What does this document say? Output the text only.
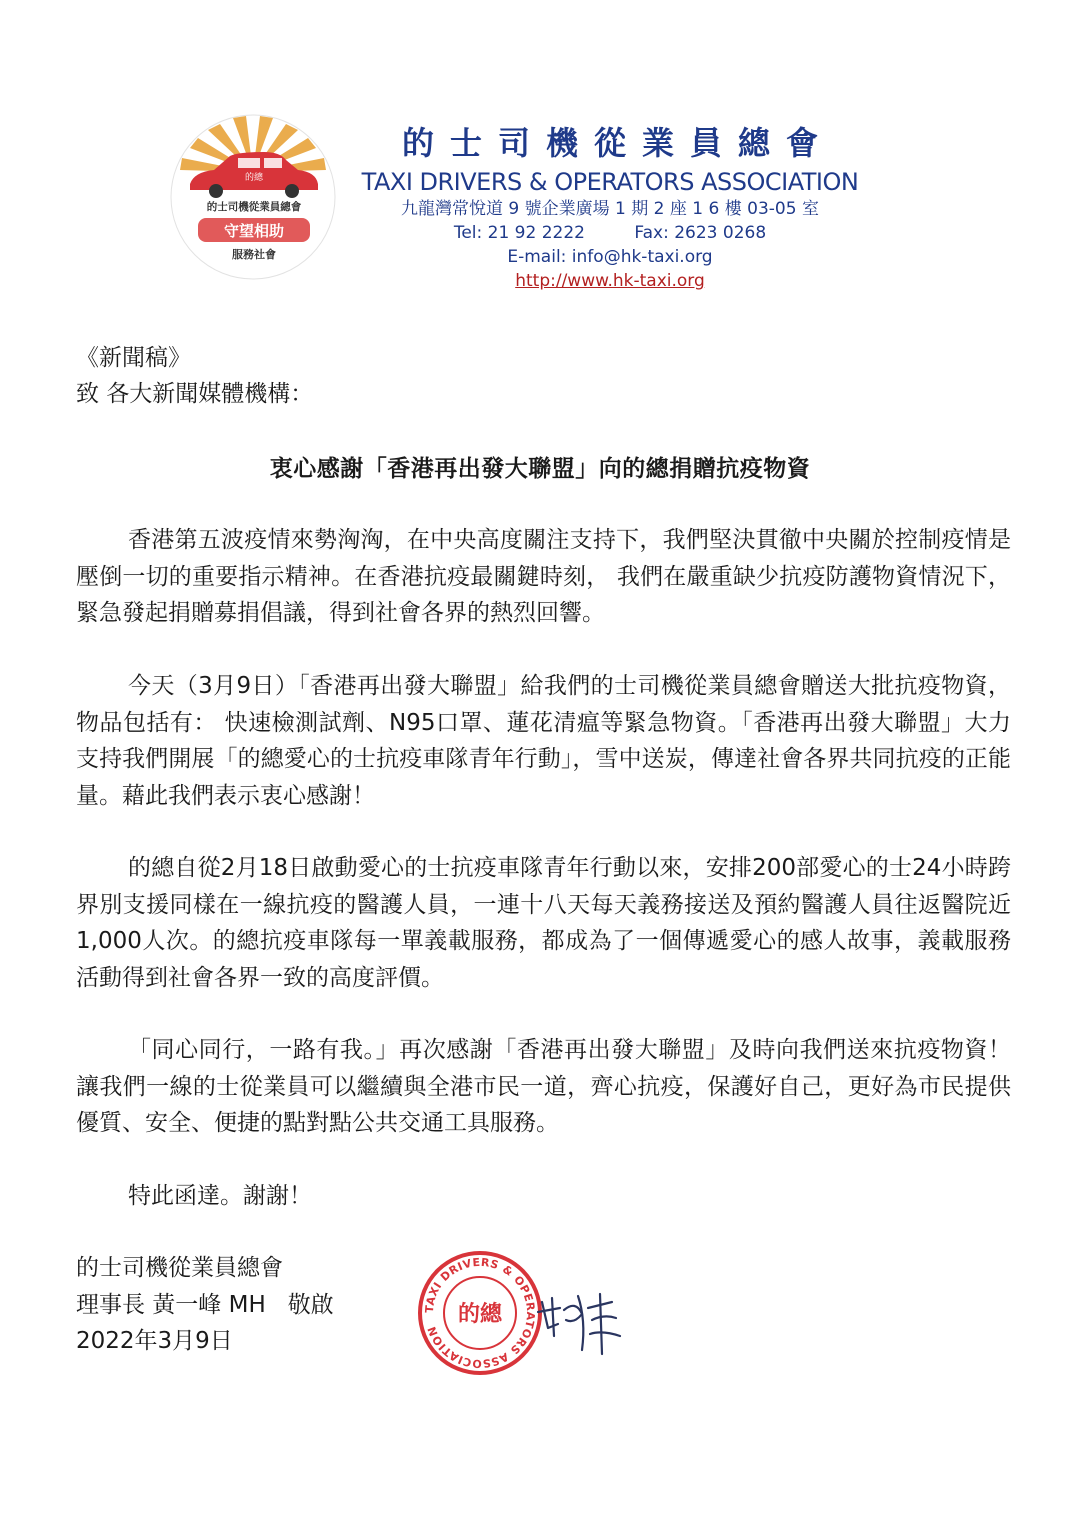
的總
的士司機從業員總會
守望相助
服務社會
的士司機從業員總會
TAXI DRIVERS & OPERATORS ASSOCIATION
九龍灣常悅道 9 號企業廣場 1 期 2 座 1 6 樓 03-05 室
Tel: 21 92 2222	Fax: 2623 0268
E-mail: info@hk-taxi.org
http://www.hk-taxi.org
《新聞稿》
致 各大新聞媒體機構：
衷心感謝「香港再出發大聯盟」向的總捐贈抗疫物資

香港第五波疫情來勢洶洶，在中央高度關注支持下，我們堅決貫徹中央關於控制疫情是壓倒一切的重要指示精神。在香港抗疫最關鍵時刻， 我們在嚴重缺少抗疫防護物資情況下，緊急發起捐贈募捐倡議，得到社會各界的熱烈回響。

今天（3月9日）「香港再出發大聯盟」給我們的士司機從業員總會贈送大批抗疫物資，物品包括有： 快速檢測試劑、N95口罩、蓮花清瘟等緊急物資。「香港再出發大聯盟」大力支持我們開展「的總愛心的士抗疫車隊青年行動」，雪中送炭，傳達社會各界共同抗疫的正能量。藉此我們表示衷心感謝！

的總自從2月18日啟動愛心的士抗疫車隊青年行動以來，安排200部愛心的士24小時跨界別支援同樣在一線抗疫的醫護人員，一連十八天每天義務接送及預約醫護人員往返醫院近1,000人次。的總抗疫車隊每一單義載服務，都成為了一個傳遞愛心的感人故事，義載服務活動得到社會各界一致的高度評價。

「同心同行，一路有我。」再次感謝「香港再出發大聯盟」及時向我們送來抗疫物資！讓我們一線的士從業員可以繼續與全港市民一道，齊心抗疫，保護好自己，更好為市民提供優質、安全、便捷的點對點公共交通工具服務。

特此函達。謝謝！
的士司機從業員總會
理事長 黃一峰 MH   敬啟
2022年3月9日
TAXI DRIVERS & OPERATORS ASSOCIATION
的總
